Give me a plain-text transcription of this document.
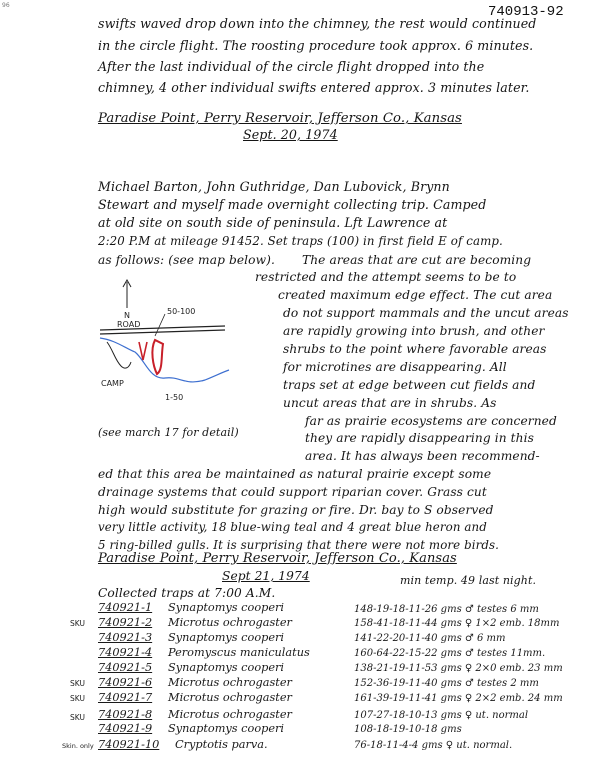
96	740913-92
swifts waved drop down into the chimney, the rest would continued
in the circle flight. The roosting procedure took approx. 6 minutes.
After the last individual of the circle flight dropped into the
chimney, 4 other individual swifts entered approx. 3 minutes later.
Paradise Point, Perry Reservoir, Jefferson Co., Kansas
Sept. 20, 1974
Michael Barton, John Guthridge, Dan Lubovick, Brynn
Stewart and myself made overnight collecting trip. Camped
at old site on south side of peninsula. Lft Lawrence at
2:20 P.M at mileage 91452. Set traps (100) in first field E of camp.
as follows: (see map below). The areas that are cut are becoming
restricted and the attempt seems to be to
created maximum edge effect. The cut area
do not support mammals and the uncut areas
are rapidly growing into brush, and other
shrubs to the point where favorable areas
for microtines are disappearing. All
traps set at edge between cut fields and
uncut areas that are in shrubs. As
far as prairie ecosystems are concerned
they are rapidly disappearing in this
area. It has always been recommend-
(see march 17 for detail)
ed that this area be maintained as natural prairie except some
drainage systems that could support riparian cover. Grass cut
high would substitute for grazing or fire. Dr. bay to S observed
very little activity, 18 blue-wing teal and 4 great blue heron and
5 ring-billed gulls. It is surprising that there were not more birds.
N
ROAD
50-100
1-50
CAMP
Paradise Point, Perry Reservoir, Jefferson Co., Kansas
Sept 21, 1974	min temp. 49 last night.
Collected traps at 7:00 A.M.
740921-1 Synaptomys cooperi	148-19-18-11-26 gms ♂ testes 6 mm
SKU 740921-2 Microtus ochrogaster	158-41-18-11-44 gms ♀ 1×2 emb. 18mm
740921-3 Synaptomys cooperi	141-22-20-11-40 gms ♂ 6 mm
740921-4 Peromyscus maniculatus	160-64-22-15-22 gms ♂ testes 11mm.
740921-5 Synaptomys cooperi	138-21-19-11-53 gms ♀ 2×0 emb. 23 mm
SKU 740921-6 Microtus ochrogaster	152-36-19-11-40 gms ♂ testes 2 mm
SKU 740921-7 Microtus ochrogaster	161-39-19-11-41 gms ♀ 2×2 emb. 24 mm
SKU 740921-8 Microtus ochrogaster	107-27-18-10-13 gms ♀ ut. normal
740921-9 Synaptomys cooperi	108-18-19-10-18 gms
Skin. only 740921-10 Cryptotis parva.	76-18-11-4-4 gms ♀ ut. normal.
